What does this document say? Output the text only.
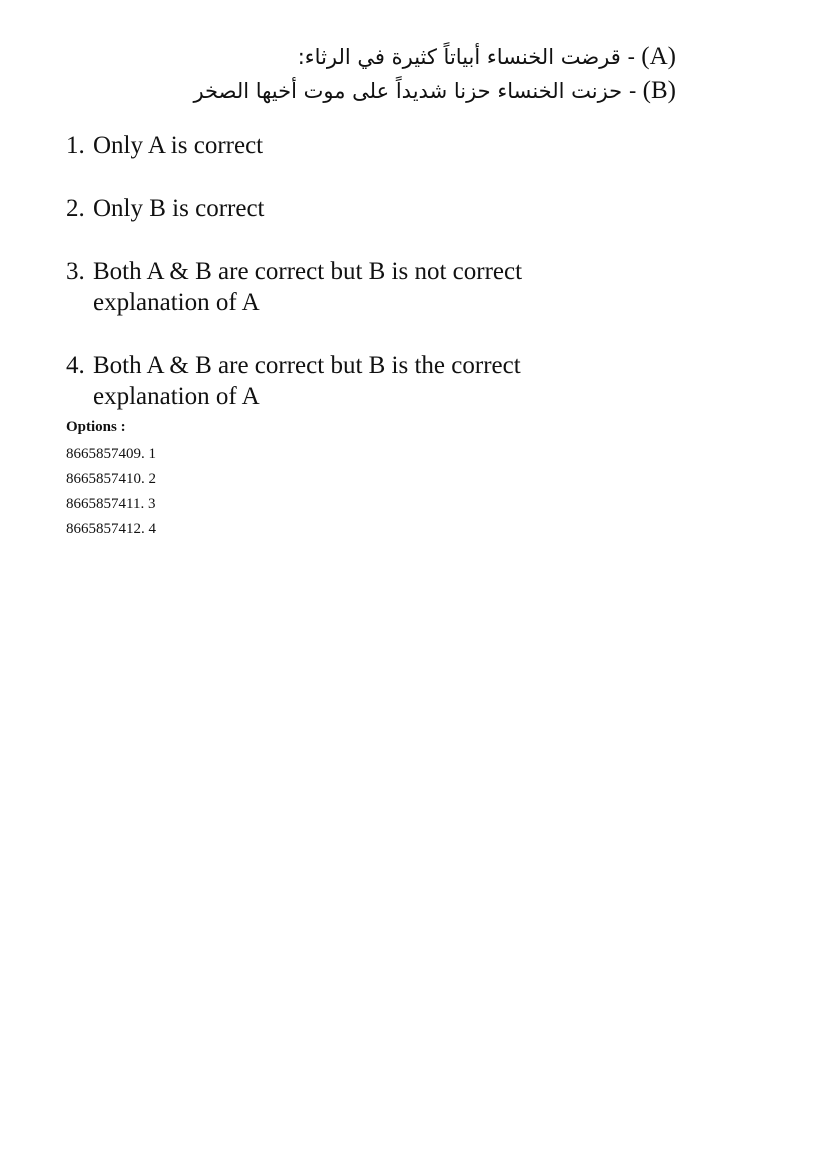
- قرضت الخنساء أبياتاً كثيرة في الرثاء: (A)
- حزنت الخنساء حزنا شديداً على موت أخيها الصخر (B)
1. Only A is correct
2. Only B is correct
3. Both A & B are correct but B is not correct explanation of A
4. Both A & B are correct but B is the correct explanation of A
Options :
8665857409. 1
8665857410. 2
8665857411. 3
8665857412. 4
